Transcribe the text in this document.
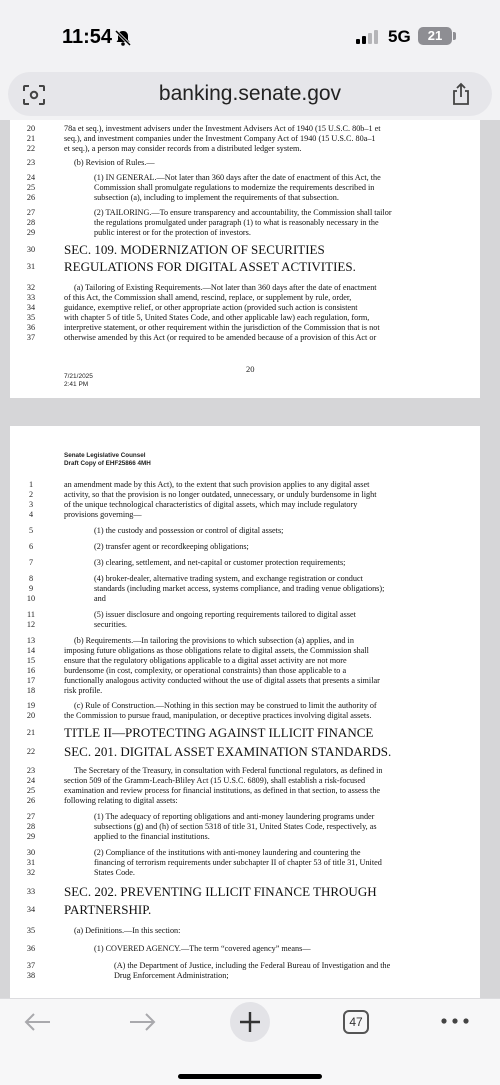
11:54	5G	21
banking.senate.gov
20
7/21/2025
2:41 PM
20	78a et seq.), investment advisers under the Investment Advisers Act of 1940 (15 U.S.C. 80b–1 et
21	seq.), and investment companies under the Investment Company Act of 1940 (15 U.S.C. 80a–1
22	et seq.), a person may consider records from a distributed ledger system.
23	(b) Revision of Rules.—
24	(1) IN GENERAL.—Not later than 360 days after the date of enactment of this Act, the
25	Commission shall promulgate regulations to modernize the requirements described in
26	subsection (a), including to implement the requirements of that subsection.
27	(2) TAILORING.—To ensure transparency and accountability, the Commission shall tailor
28	the regulations promulgated under paragraph (1) to what is reasonably necessary in the
29	public interest or for the protection of investors.
30	SEC. 109. MODERNIZATION OF SECURITIES
31	REGULATIONS FOR DIGITAL ASSET ACTIVITIES.
32	(a) Tailoring of Existing Requirements.—Not later than 360 days after the date of enactment
33	of this Act, the Commission shall amend, rescind, replace, or supplement by rule, order,
34	guidance, exemptive relief, or other appropriate action (provided such action is consistent
35	with chapter 5 of title 5, United States Code, and other applicable law) each regulation, form,
36	interpretive statement, or other requirement within the jurisdiction of the Commission that is not
37	otherwise amended by this Act (or required to be amended because of a provision of this Act or
Senate Legislative Counsel
Draft Copy of EHF25866 4MH
1	an amendment made by this Act), to the extent that such provision applies to any digital asset
2	activity, so that the provision is no longer outdated, unnecessary, or unduly burdensome in light
3	of the unique technological characteristics of digital assets, which may include regulatory
4	provisions governing—
5	(1) the custody and possession or control of digital assets;
6	(2) transfer agent or recordkeeping obligations;
7	(3) clearing, settlement, and net-capital or customer protection requirements;
8	(4) broker-dealer, alternative trading system, and exchange registration or conduct
9	standards (including market access, systems compliance, and trading venue obligations);
10	and
11	(5) issuer disclosure and ongoing reporting requirements tailored to digital asset
12	securities.
13	(b) Requirements.—In tailoring the provisions to which subsection (a) applies, and in
14	imposing future obligations as those obligations relate to digital assets, the Commission shall
15	ensure that the regulatory obligations applicable to a digital asset activity are not more
16	burdensome (in cost, complexity, or operational constraints) than those applicable to a
17	functionally analogous activity conducted without the use of digital assets that presents a similar
18	risk profile.
19	(c) Rule of Construction.—Nothing in this section may be construed to limit the authority of
20	the Commission to pursue fraud, manipulation, or deceptive practices involving digital assets.
21	TITLE II—PROTECTING AGAINST ILLICIT FINANCE
22	SEC. 201. DIGITAL ASSET EXAMINATION STANDARDS.
23	The Secretary of the Treasury, in consultation with Federal functional regulators, as defined in
24	section 509 of the Gramm-Leach-Bliley Act (15 U.S.C. 6809), shall establish a risk-focused
25	examination and review process for financial institutions, as defined in that section, to assess the
26	following relating to digital assets:
27	(1) The adequacy of reporting obligations and anti-money laundering programs under
28	subsections (g) and (h) of section 5318 of title 31, United States Code, respectively, as
29	applied to the financial institutions.
30	(2) Compliance of the institutions with anti-money laundering and countering the
31	financing of terrorism requirements under subchapter II of chapter 53 of title 31, United
32	States Code.
33	SEC. 202. PREVENTING ILLICIT FINANCE THROUGH
34	PARTNERSHIP.
35	(a) Definitions.—In this section:
36	(1) COVERED AGENCY.—The term “covered agency” means—
37	(A) the Department of Justice, including the Federal Bureau of Investigation and the
38	Drug Enforcement Administration;
47
